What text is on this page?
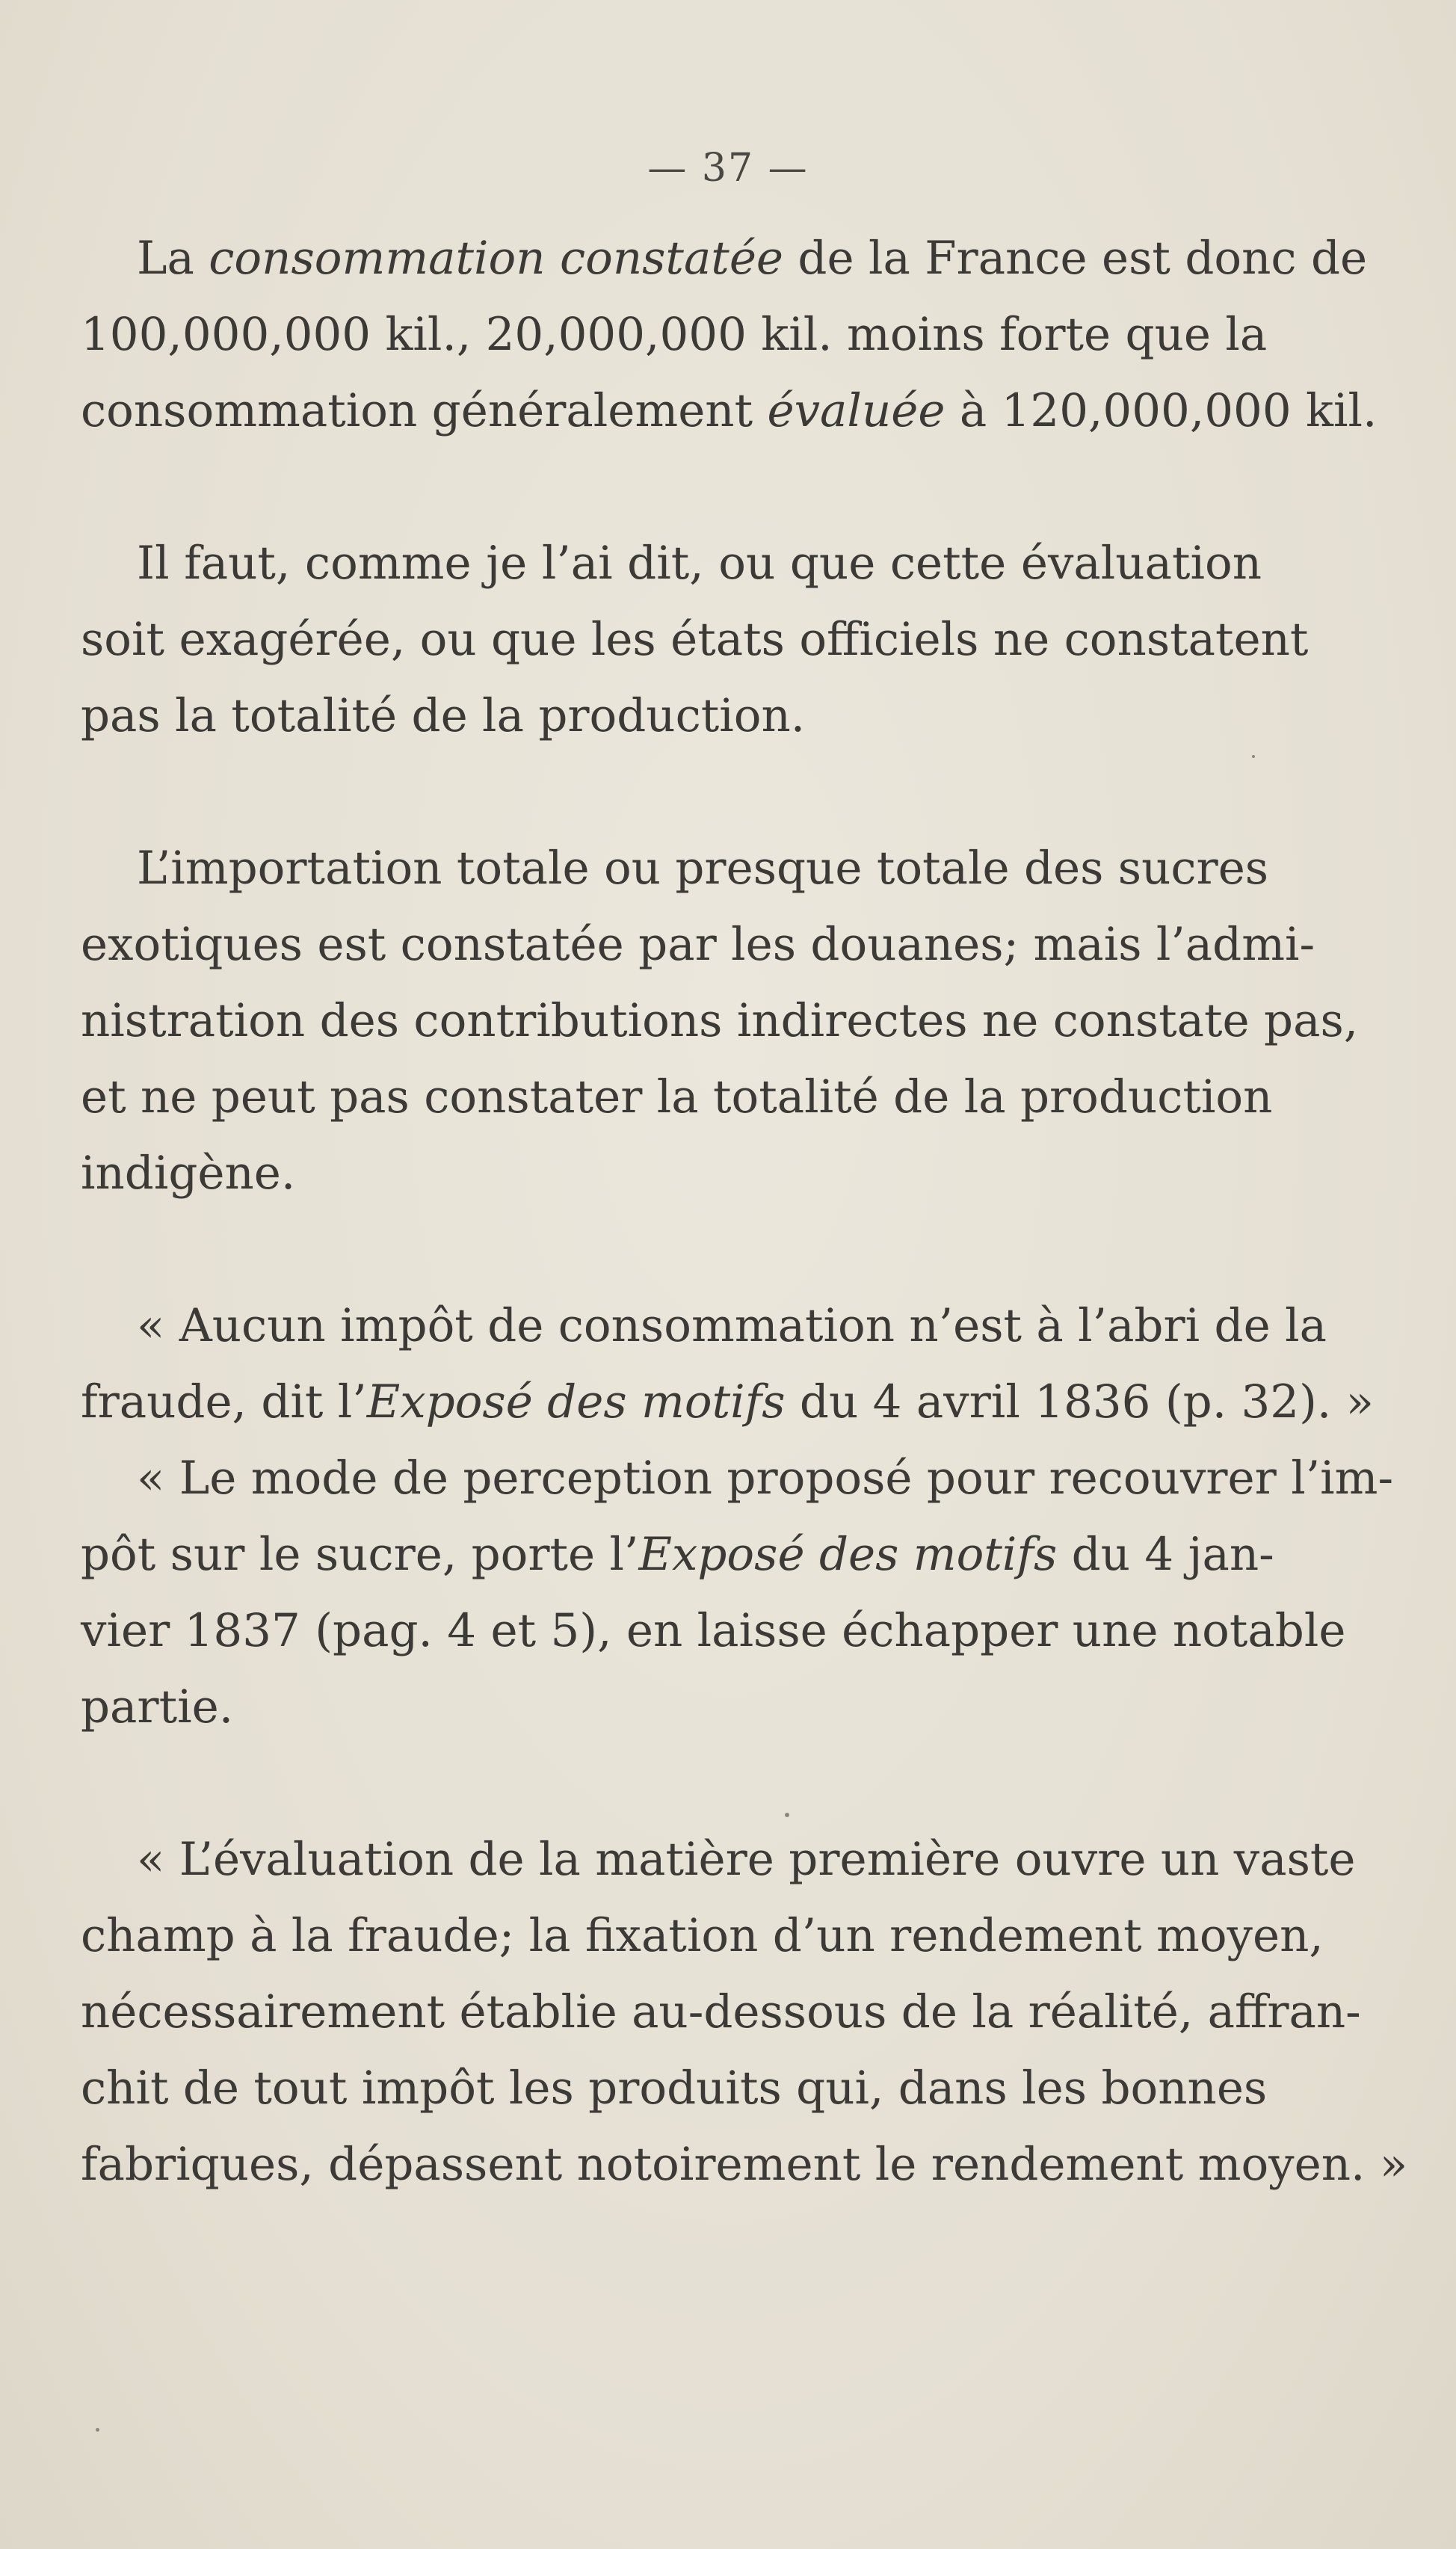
— 37 —
La consommation constatée de la France est donc de
100,000,000 kil., 20,000,000 kil. moins forte que la
consommation généralement évaluée à 120,000,000 kil.
Il faut, comme je l’ai dit, ou que cette évaluation
soit exagérée, ou que les états officiels ne constatent
pas la totalité de la production.
L’importation totale ou presque totale des sucres
exotiques est constatée par les douanes; mais l’admi-
nistration des contributions indirectes ne constate pas,
et ne peut pas constater la totalité de la production
indigène.
« Aucun impôt de consommation n’est à l’abri de la
fraude, dit l’Exposé des motifs du 4 avril 1836 (p. 32). »
« Le mode de perception proposé pour recouvrer l’im-
pôt sur le sucre, porte l’Exposé des motifs du 4 jan-
vier 1837 (pag. 4 et 5), en laisse échapper une notable
partie.
« L’évaluation de la matière première ouvre un vaste
champ à la fraude; la fixation d’un rendement moyen,
nécessairement établie au-dessous de la réalité, affran-
chit de tout impôt les produits qui, dans les bonnes
fabriques, dépassent notoirement le rendement moyen. »
